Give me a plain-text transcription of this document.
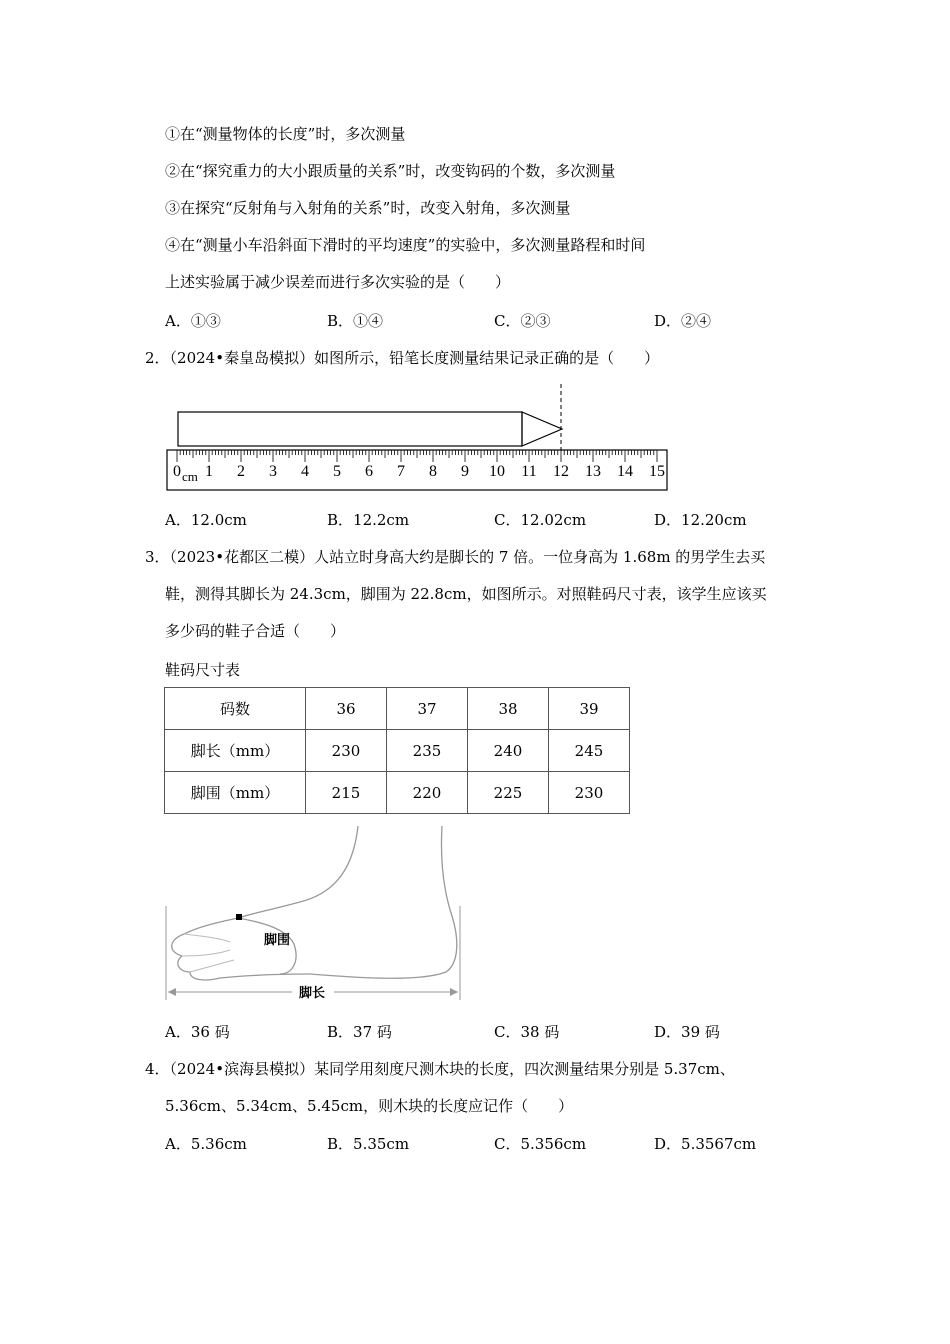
①在“测量物体的长度”时，多次测量
②在“探究重力的大小跟质量的关系”时，改变钩码的个数，多次测量
③在探究“反射角与入射角的关系”时，改变入射角，多次测量
④在“测量小车沿斜面下滑时的平均速度”的实验中，多次测量路程和时间
上述实验属于减少误差而进行多次实验的是（　　）
A．①③	B．①④	C．②③	D．②④
2．（2024•秦皇岛模拟）如图所示，铅笔长度测量结果记录正确的是（　　）
0 1 2 3 4 5 6 7 8 9 10 11 12 13 14 15
cm
A．12.0cm	B．12.2cm	C．12.02cm	D．12.20cm
3．（2023•花都区二模）人站立时身高大约是脚长的 7 倍。一位身高为 1.68m 的男学生去买
鞋，测得其脚长为 24.3cm，脚围为 22.8cm，如图所示。对照鞋码尺寸表，该学生应该买
多少码的鞋子合适（　　）
鞋码尺寸表
码数	36	37	38	39
脚长（mm）	230	235	240	245
脚围（mm）	215	220	225	230
脚围
脚长
A．36 码	B．37 码	C．38 码	D．39 码
4．（2024•滨海县模拟）某同学用刻度尺测木块的长度，四次测量结果分别是 5.37cm、
5.36cm、5.34cm、5.45cm，则木块的长度应记作（　　）
A．5.36cm	B．5.35cm	C．5.356cm	D．5.3567cm
